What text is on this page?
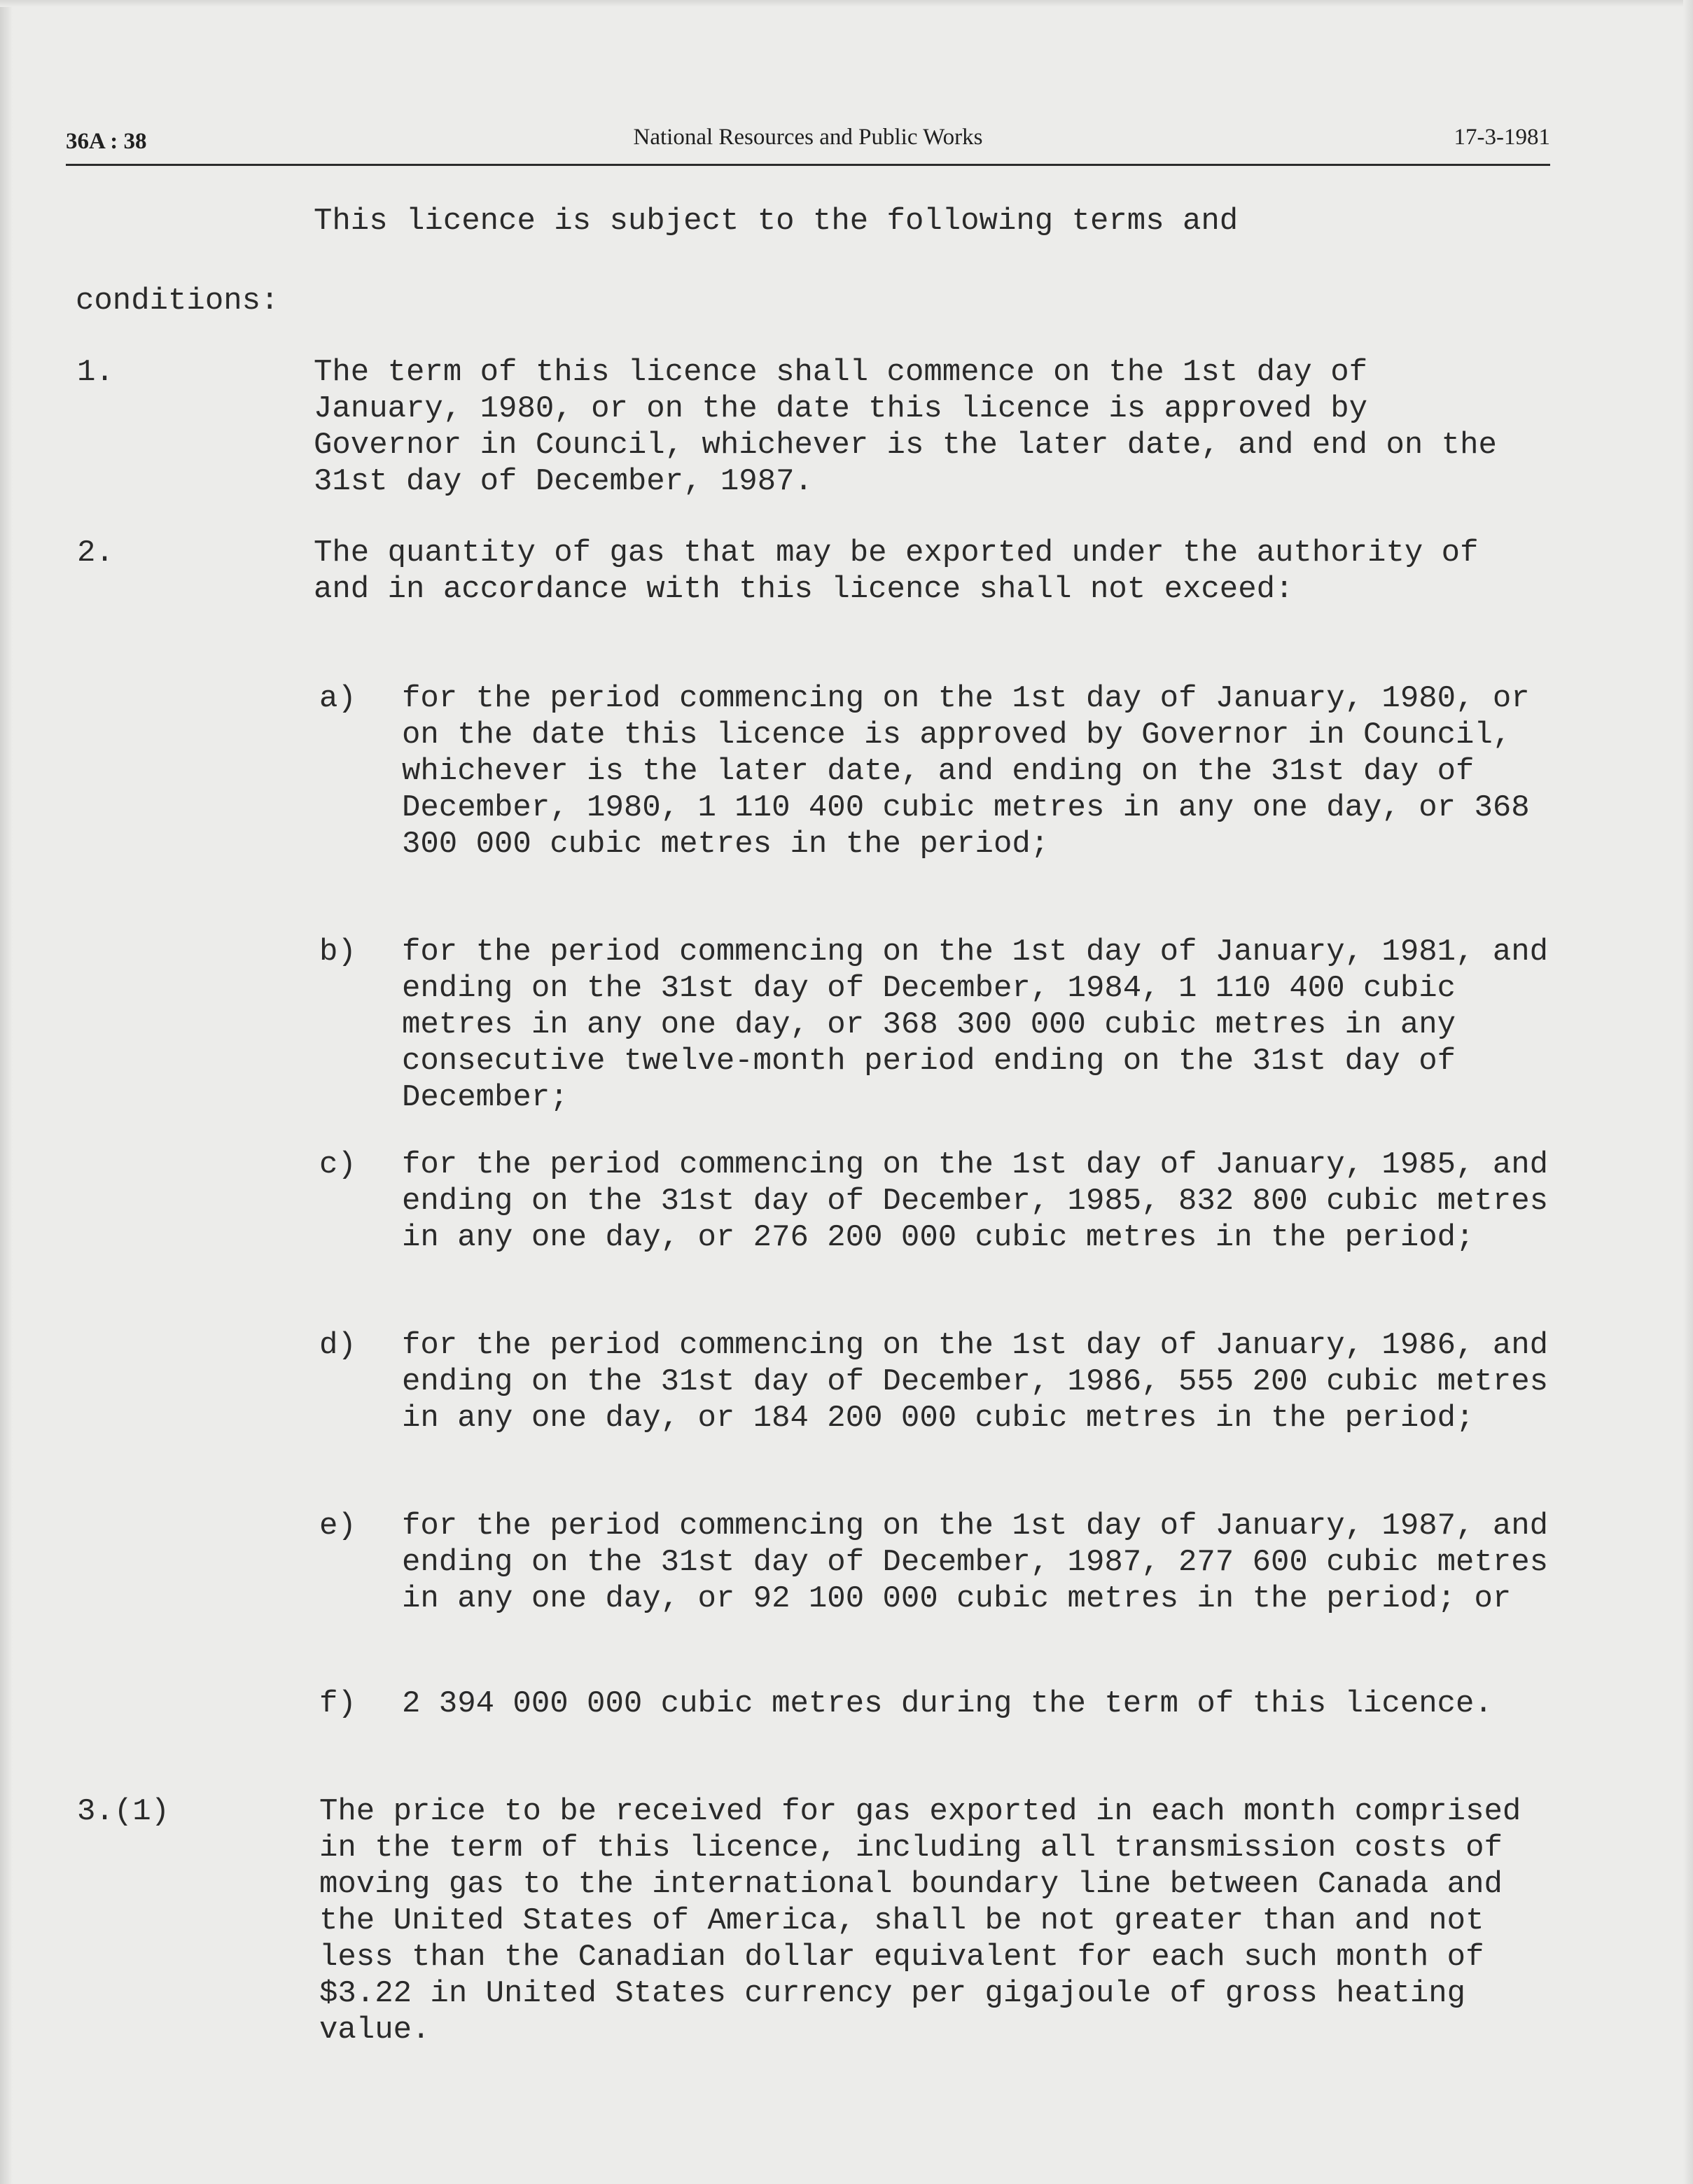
36A : 38	National Resources and Public Works	17-3-1981
This licence is subject to the following terms and
conditions:
1.	The term of this licence shall commence on the 1st day of January, 1980, or on the date this licence is approved by Governor in Council, whichever is the later date, and end on the 31st day of December, 1987.
2.	The quantity of gas that may be exported under the authority of and in accordance with this licence shall not exceed:
a) for the period commencing on the 1st day of January, 1980, or on the date this licence is approved by Governor in Council, whichever is the later date, and ending on the 31st day of December, 1980, 1 110 400 cubic metres in any one day, or 368 300 000 cubic metres in the period;
b) for the period commencing on the 1st day of January, 1981, and ending on the 31st day of December, 1984, 1 110 400 cubic metres in any one day, or 368 300 000 cubic metres in any consecutive twelve-month period ending on the 31st day of December;
c) for the period commencing on the 1st day of January, 1985, and ending on the 31st day of December, 1985, 832 800 cubic metres in any one day, or 276 200 000 cubic metres in the period;
d) for the period commencing on the 1st day of January, 1986, and ending on the 31st day of December, 1986, 555 200 cubic metres in any one day, or 184 200 000 cubic metres in the period;
e) for the period commencing on the 1st day of January, 1987, and ending on the 31st day of December, 1987, 277 600 cubic metres in any one day, or 92 100 000 cubic metres in the period; or
f) 2 394 000 000 cubic metres during the term of this licence.
3.(1)	The price to be received for gas exported in each month comprised in the term of this licence, including all transmission costs of moving gas to the international boundary line between Canada and the United States of America, shall be not greater than and not less than the Canadian dollar equivalent for each such month of $3.22 in United States currency per gigajoule of gross heating value.
